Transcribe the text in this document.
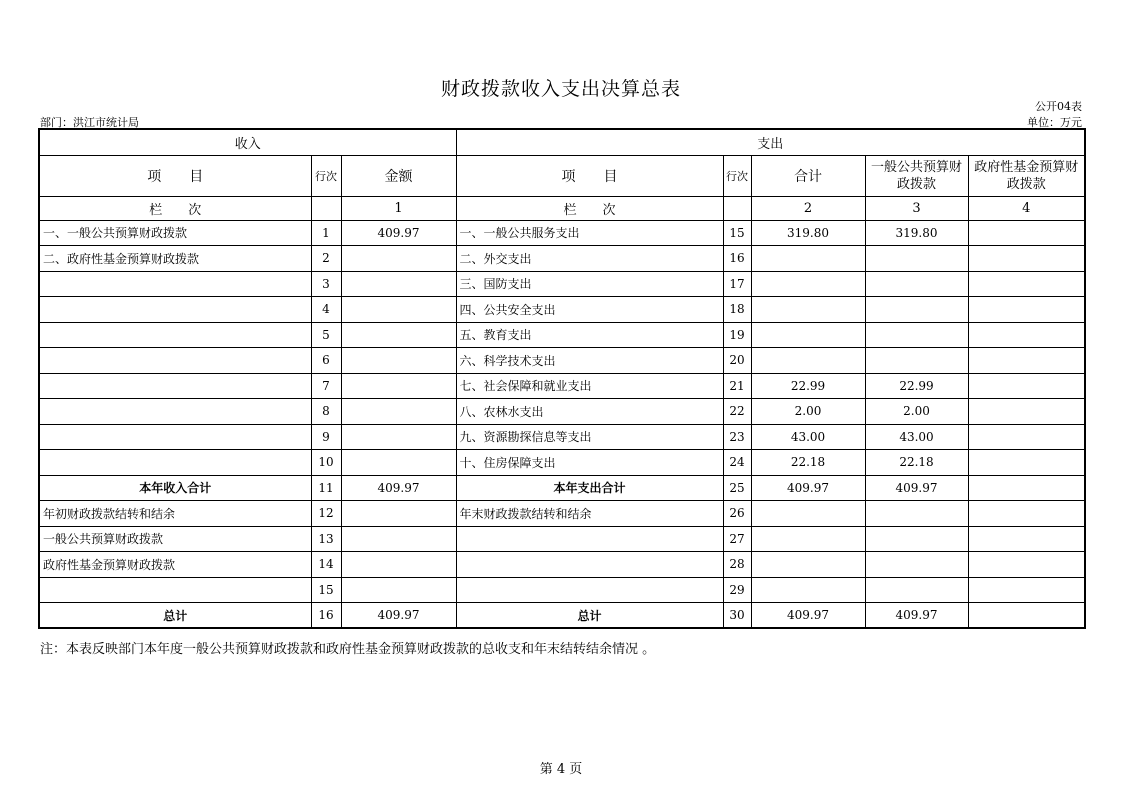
财政拨款收入支出决算总表
公开04表
部门：洪江市统计局	单位：万元
收入			支出				
项　　目	行次	金额	项　　目	行次	合计	一般公共预算财政拨款	政府性基金预算财政拨款
栏　　次		1	栏　　次		2	3	4
一、一般公共预算财政拨款	1	409.97	一、一般公共服务支出	15	319.80	319.80	
二、政府性基金预算财政拨款	2		二、外交支出	16			
	3		三、国防支出	17			
	4		四、公共安全支出	18			
	5		五、教育支出	19			
	6		六、科学技术支出	20			
	7		七、社会保障和就业支出	21	22.99	22.99	
	8		八、农林水支出	22	2.00	2.00	
	9		九、资源勘探信息等支出	23	43.00	43.00	
	10		十、住房保障支出	24	22.18	22.18	
本年收入合计	11	409.97	本年支出合计	25	409.97	409.97	
年初财政拨款结转和结余	12		年末财政拨款结转和结余	26			
一般公共预算财政拨款	13			27			
政府性基金预算财政拨款	14			28			
	15			29			
总计	16	409.97	总计	30	409.97	409.97	
注：本表反映部门本年度一般公共预算财政拨款和政府性基金预算财政拨款的总收支和年末结转结余情况 。
第 4 页
